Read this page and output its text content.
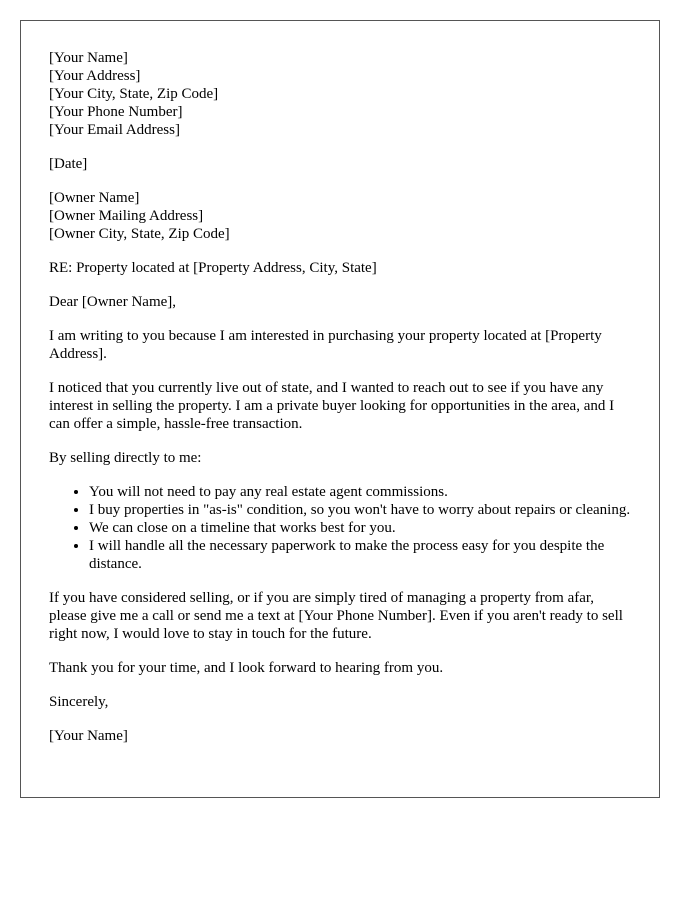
[Your Name]

[Your Address]

[Your City, State, Zip Code]

[Your Phone Number]

[Your Email Address]

[Date]

[Owner Name]

[Owner Mailing Address]

[Owner City, State, Zip Code]

RE: Property located at [Property Address, City, State]

Dear [Owner Name],

I am writing to you because I am interested in purchasing your property located at [Property Address].

I noticed that you currently live out of state, and I wanted to reach out to see if you have any interest in selling the property. I am a private buyer looking for opportunities in the area, and I can offer a simple, hassle-free transaction.

By selling directly to me:

• You will not need to pay any real estate agent commissions.
• I buy properties in "as-is" condition, so you won't have to worry about repairs or cleaning.
• We can close on a timeline that works best for you.
• I will handle all the necessary paperwork to make the process easy for you despite the distance.

If you have considered selling, or if you are simply tired of managing a property from afar, please give me a call or send me a text at [Your Phone Number]. Even if you aren't ready to sell right now, I would love to stay in touch for the future.

Thank you for your time, and I look forward to hearing from you.

Sincerely,

[Your Name]
